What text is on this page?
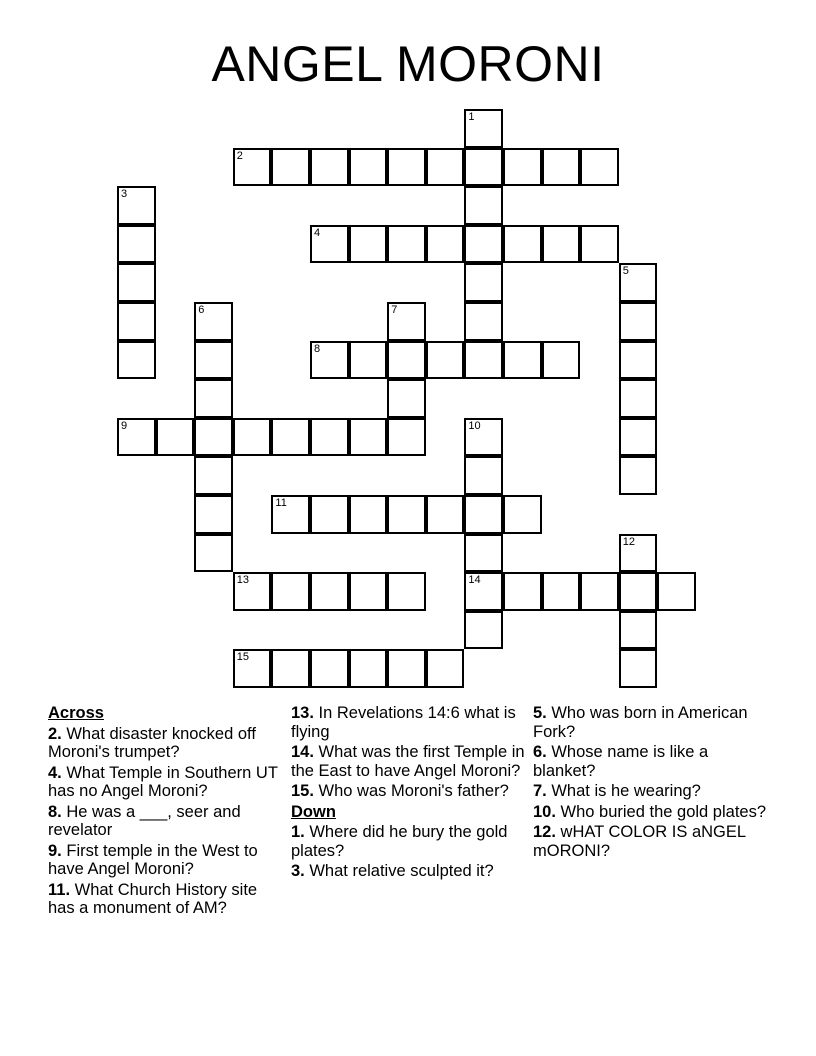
ANGEL MORONI
1
2
3
4
5
6	7
8
9	10
14
11
12
13
15
Across
2. What disaster knocked off Moroni's trumpet?
4. What Temple in Southern UT has no Angel Moroni?
8. He was a ___, seer and revelator
9. First temple in the West to have Angel Moroni?
11. What Church History site has a monument of AM?
13. In Revelations 14:6 what is flying
14. What was the first Temple in the East to have Angel Moroni?
15. Who was Moroni's father?
Down
1. Where did he bury the gold plates?
3. What relative sculpted it?
5. Who was born in American Fork?
6. Whose name is like a blanket?
7. What is he wearing?
10. Who buried the gold plates?
12. wHAT COLOR IS aNGEL mORONI?
